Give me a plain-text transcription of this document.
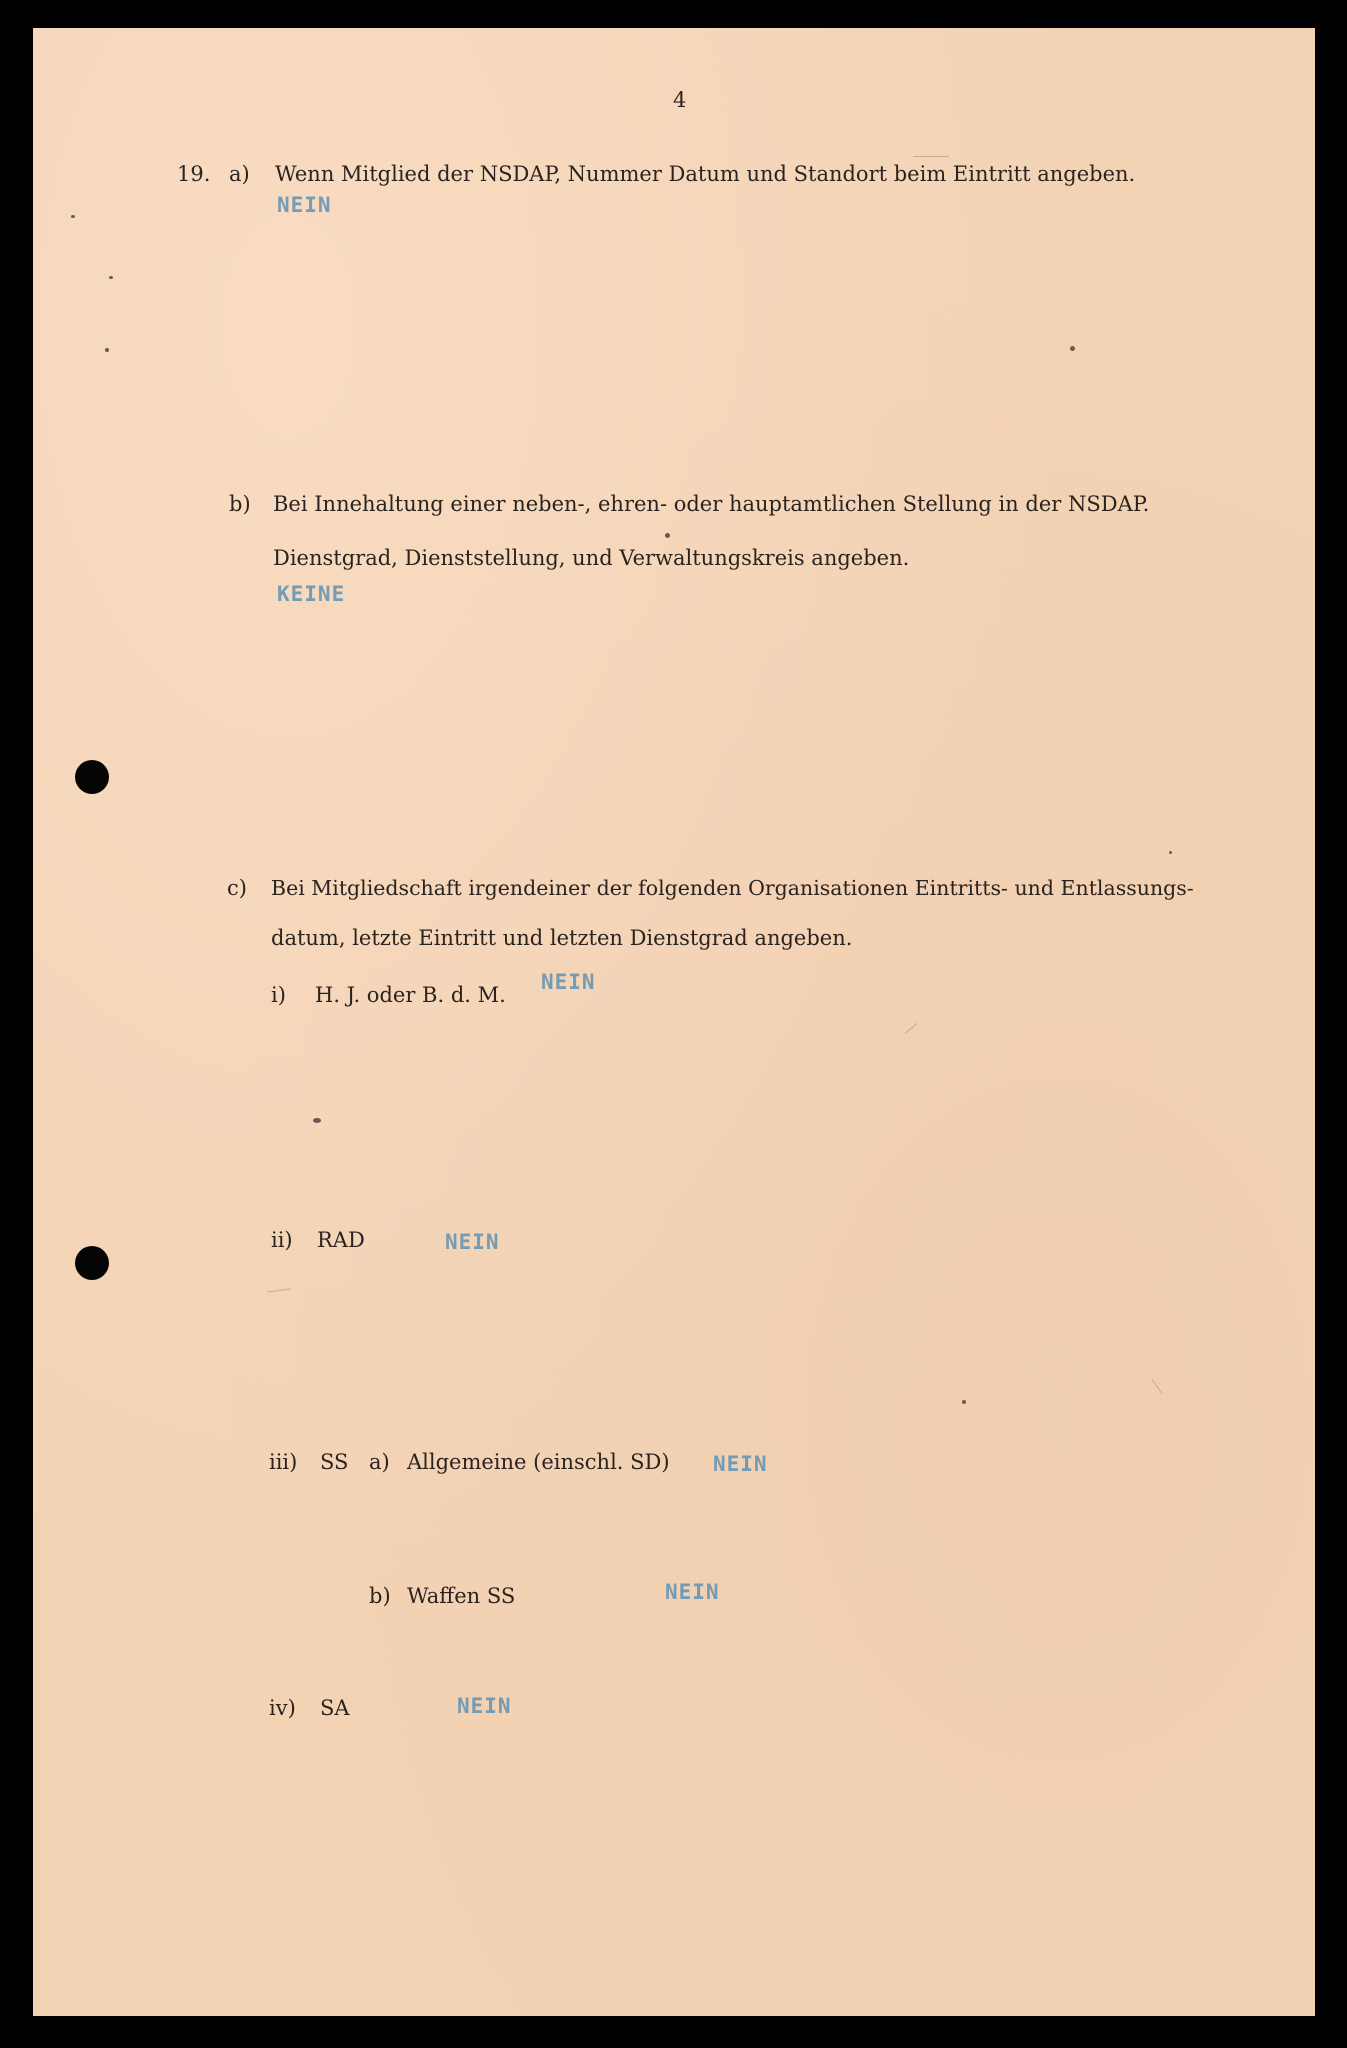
4
19. a) Wenn Mitglied der NSDAP, Nummer Datum und Standort beim Eintritt angeben.
NEIN
b) Bei Innehaltung einer neben-, ehren- oder hauptamtlichen Stellung in der NSDAP.
Dienstgrad, Dienststellung, und Verwaltungskreis angeben.
KEINE
c) Bei Mitgliedschaft irgendeiner der folgenden Organisationen Eintritts- und Entlassungs-
datum, letzte Eintritt und letzten Dienstgrad angeben.
i) H. J. oder B. d. M.
NEIN
ii) RAD	NEIN
iii) SS a) Allgemeine (einschl. SD) NEIN
b) Waffen SS	NEIN
iv) SA	NEIN
